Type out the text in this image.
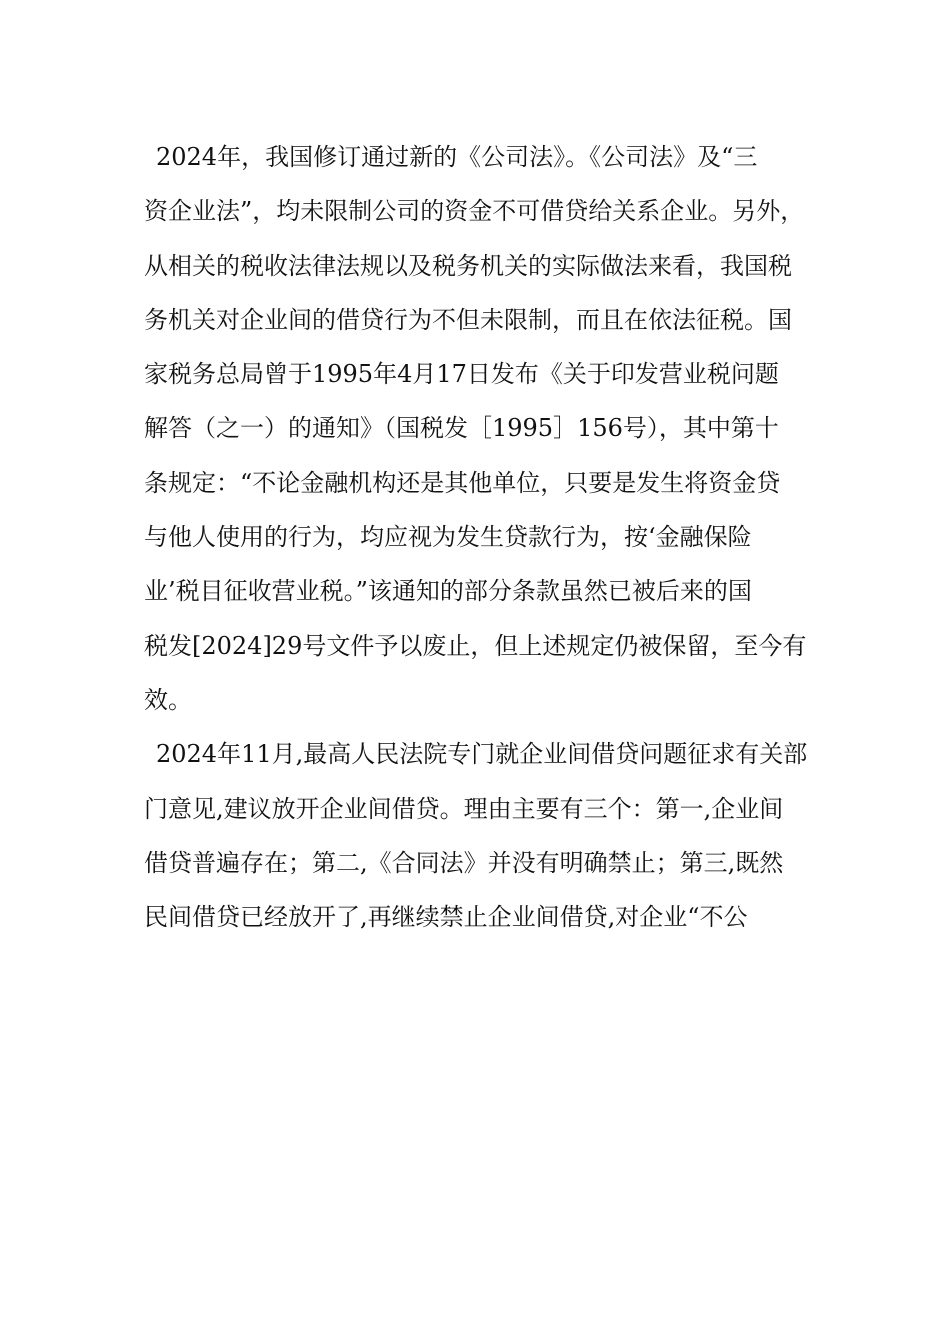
2024年，我国修订通过新的《公司法》。《公司法》及“三
资企业法”，均未限制公司的资金不可借贷给关系企业。另外，
从相关的税收法律法规以及税务机关的实际做法来看，我国税
务机关对企业间的借贷行为不但未限制，而且在依法征税。国
家税务总局曾于1995年4月17日发布《关于印发营业税问题
解答（之一）的通知》（国税发［1995］156号），其中第十
条规定：“不论金融机构还是其他单位，只要是发生将资金贷
与他人使用的行为，均应视为发生贷款行为，按‘金融保险
业’税目征收营业税。”该通知的部分条款虽然已被后来的国
税发[2024]29号文件予以废止，但上述规定仍被保留，至今有
效。
2024年11月,最高人民法院专门就企业间借贷问题征求有关部
门意见,建议放开企业间借贷。理由主要有三个：第一,企业间
借贷普遍存在；第二,《合同法》并没有明确禁止；第三,既然
民间借贷已经放开了,再继续禁止企业间借贷,对企业“不公
